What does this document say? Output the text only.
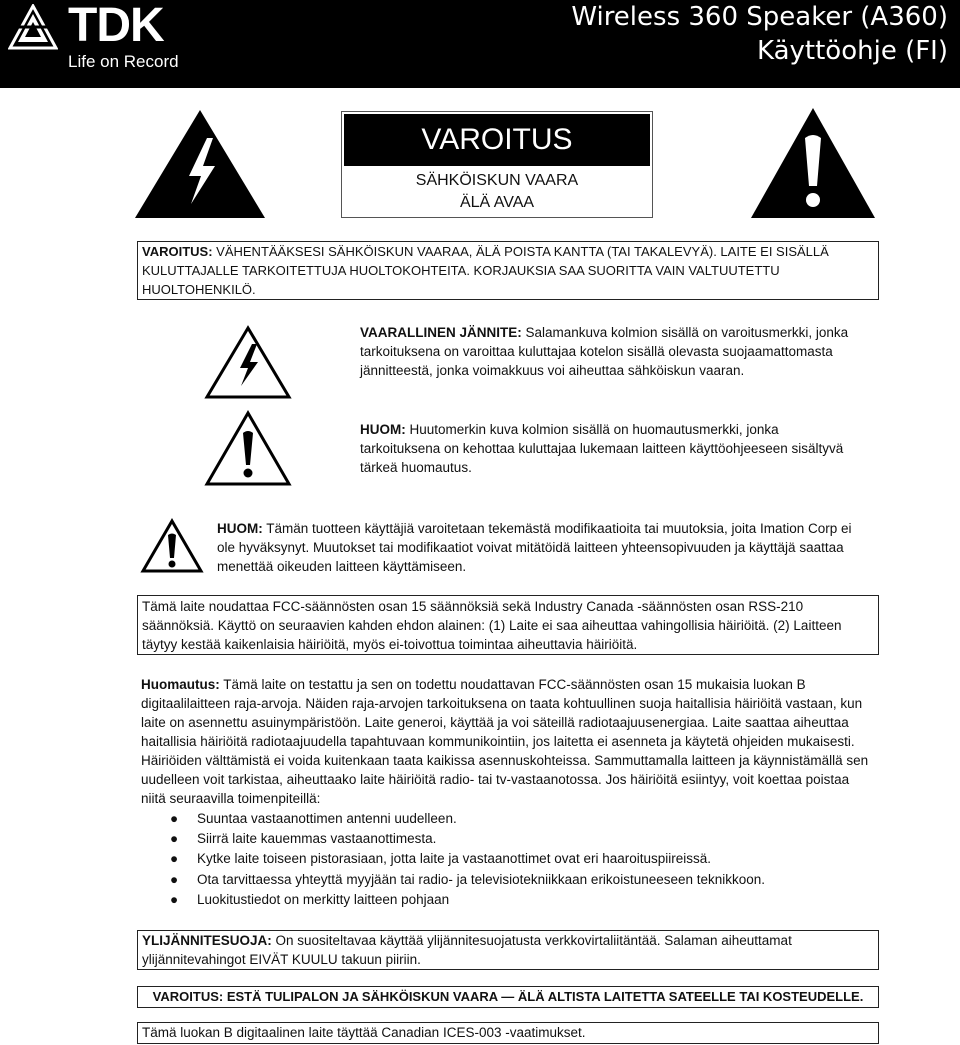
TDK
Life on Record
Wireless 360 Speaker (A360)
Käyttöohje (FI)
VAROITUS
SÄHKÖISKUN VAARA
ÄLÄ AVAA
VAROITUS: VÄHENTÄÄKSESI SÄHKÖISKUN VAARAA, ÄLÄ POISTA KANTTA (TAI TAKALEVYÄ). LAITE EI SISÄLLÄ KULUTTAJALLE TARKOITETTUJA HUOLTOKOHTEITA. KORJAUKSIA SAA SUORITTA VAIN VALTUUTETTU HUOLTOHENKILÖ.
VAARALLINEN JÄNNITE: Salamankuva kolmion sisällä on varoitusmerkki, jonka tarkoituksena on varoittaa kuluttajaa kotelon sisällä olevasta suojaamattomasta jännitteestä, jonka voimakkuus voi aiheuttaa sähköiskun vaaran.
HUOM: Huutomerkin kuva kolmion sisällä on huomautusmerkki, jonka tarkoituksena on kehottaa kuluttajaa lukemaan laitteen käyttöohjeeseen sisältyvä tärkeä huomautus.
HUOM: Tämän tuotteen käyttäjiä varoitetaan tekemästä modifikaatioita tai muutoksia, joita Imation Corp ei ole hyväksynyt. Muutokset tai modifikaatiot voivat mitätöidä laitteen yhteensopivuuden ja käyttäjä saattaa menettää oikeuden laitteen käyttämiseen.
Tämä laite noudattaa FCC-säännösten osan 15 säännöksiä sekä Industry Canada -säännösten osan RSS-210 säännöksiä. Käyttö on seuraavien kahden ehdon alainen: (1) Laite ei saa aiheuttaa vahingollisia häiriöitä. (2) Laitteen täytyy kestää kaikenlaisia häiriöitä, myös ei-toivottua toimintaa aiheuttavia häiriöitä.
Huomautus: Tämä laite on testattu ja sen on todettu noudattavan FCC-säännösten osan 15 mukaisia luokan B digitaalilaitteen raja-arvoja. Näiden raja-arvojen tarkoituksena on taata kohtuullinen suoja haitallisia häiriöitä vastaan, kun laite on asennettu asuinympäristöön. Laite generoi, käyttää ja voi säteillä radiotaajuusenergiaa. Laite saattaa aiheuttaa haitallisia häiriöitä radiotaajuudella tapahtuvaan kommunikointiin, jos laitetta ei asenneta ja käytetä ohjeiden mukaisesti. Häiriöiden välttämistä ei voida kuitenkaan taata kaikissa asennuskohteissa. Sammuttamalla laitteen ja käynnistämällä sen uudelleen voit tarkistaa, aiheuttaako laite häiriöitä radio- tai tv-vastaanotossa. Jos häiriöitä esiintyy, voit koettaa poistaa niitä seuraavilla toimenpiteillä:
● Suuntaa vastaanottimen antenni uudelleen.
● Siirrä laite kauemmas vastaanottimesta.
● Kytke laite toiseen pistorasiaan, jotta laite ja vastaanottimet ovat eri haaroituspiireissä.
● Ota tarvittaessa yhteyttä myyjään tai radio- ja televisiotekniikkaan erikoistuneeseen teknikkoon.
● Luokitustiedot on merkitty laitteen pohjaan
YLIJÄNNITESUOJA: On suositeltavaa käyttää ylijännitesuojatusta verkkovirtaliitäntää. Salaman aiheuttamat ylijännitevahingot EIVÄT KUULU takuun piiriin.
VAROITUS: ESTÄ TULIPALON JA SÄHKÖISKUN VAARA — ÄLÄ ALTISTA LAITETTA SATEELLE TAI KOSTEUDELLE.
Tämä luokan B digitaalinen laite täyttää Canadian ICES-003 -vaatimukset.
